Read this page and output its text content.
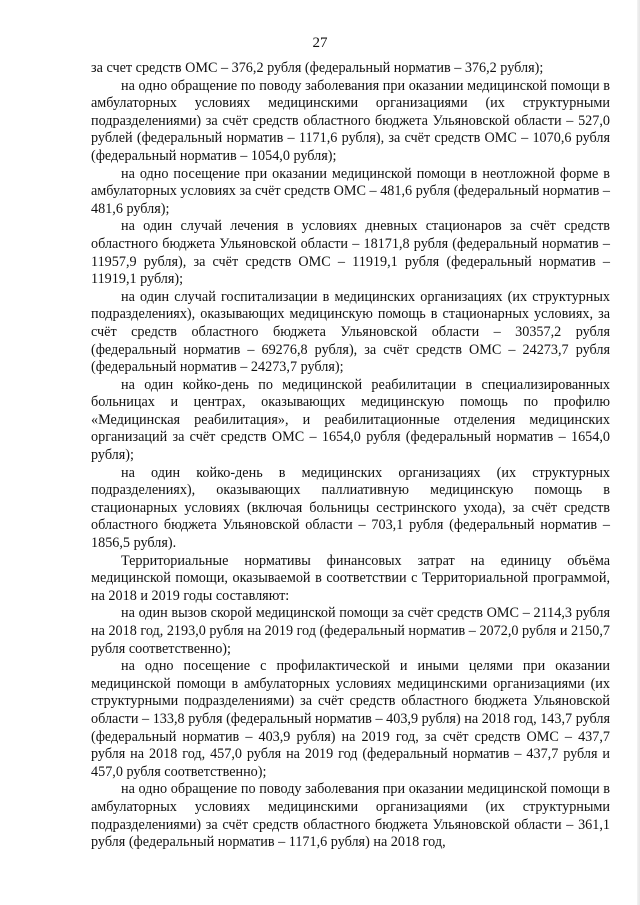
27

за счет средств ОМС – 376,2 рубля (федеральный норматив – 376,2 рубля);

на одно обращение по поводу заболевания при оказании медицинской помощи в амбулаторных условиях медицинскими организациями (их структурными подразделениями) за счёт средств областного бюджета Ульяновской области – 527,0 рублей (федеральный норматив – 1171,6 рубля), за счёт средств ОМС – 1070,6 рубля (федеральный норматив – 1054,0 рубля);

на одно посещение при оказании медицинской помощи в неотложной форме в амбулаторных условиях за счёт средств ОМС – 481,6 рубля (федеральный норматив – 481,6 рубля);

на один случай лечения в условиях дневных стационаров за счёт средств областного бюджета Ульяновской области – 18171,8 рубля (федеральный норматив – 11957,9 рубля), за счёт средств ОМС – 11919,1 рубля (федеральный норматив – 11919,1 рубля);

на один случай госпитализации в медицинских организациях (их структурных подразделениях), оказывающих медицинскую помощь в стационарных условиях, за счёт средств областного бюджета Ульяновской области – 30357,2 рубля (федеральный норматив – 69276,8 рубля), за счёт средств ОМС – 24273,7 рубля (федеральный норматив – 24273,7 рубля);

на один койко-день по медицинской реабилитации в специализированных больницах и центрах, оказывающих медицинскую помощь по профилю «Медицинская реабилитация», и реабилитационные отделения медицинских организаций за счёт средств ОМС – 1654,0 рубля (федеральный норматив – 1654,0 рубля);

на один койко-день в медицинских организациях (их структурных подразделениях), оказывающих паллиативную медицинскую помощь в стационарных условиях (включая больницы сестринского ухода), за счёт средств областного бюджета Ульяновской области – 703,1 рубля (федеральный норматив – 1856,5 рубля).

Территориальные нормативы финансовых затрат на единицу объёма медицинской помощи, оказываемой в соответствии с Территориальной программой, на 2018 и 2019 годы составляют:

на один вызов скорой медицинской помощи за счёт средств ОМС – 2114,3 рубля на 2018 год, 2193,0 рубля на 2019 год (федеральный норматив – 2072,0 рубля и 2150,7 рубля соответственно);

на одно посещение с профилактической и иными целями при оказании медицинской помощи в амбулаторных условиях медицинскими организациями (их структурными подразделениями) за счёт средств областного бюджета Ульяновской области – 133,8 рубля (федеральный норматив – 403,9 рубля) на 2018 год, 143,7 рубля (федеральный норматив – 403,9 рубля) на 2019 год, за счёт средств ОМС – 437,7 рубля на 2018 год, 457,0 рубля на 2019 год (федеральный норматив – 437,7 рубля и 457,0 рубля соответственно);

на одно обращение по поводу заболевания при оказании медицинской помощи в амбулаторных условиях медицинскими организациями (их структурными подразделениями) за счёт средств областного бюджета Ульяновской области – 361,1 рубля (федеральный норматив – 1171,6 рубля) на 2018 год,
